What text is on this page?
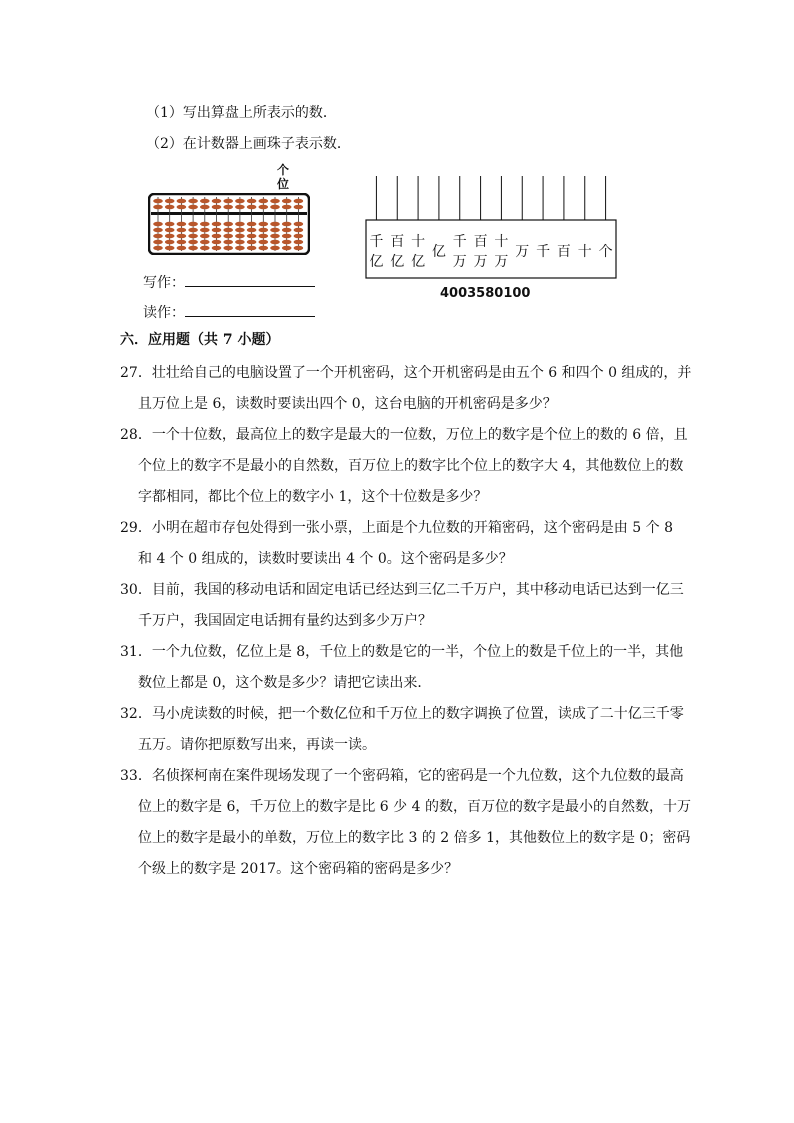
（1）写出算盘上所表示的数．
（2）在计数器上画珠子表示数．
个
位
写作：
读作：
千
亿
百
亿
十
亿
亿
千
万
百
万
十
万
万 千 百 十 个
4003580100
六．应用题（共 7 小题）
27．壮壮给自己的电脑设置了一个开机密码，这个开机密码是由五个 6 和四个 0 组成的，并
且万位上是 6，读数时要读出四个 0，这台电脑的开机密码是多少？
28．一个十位数，最高位上的数字是最大的一位数，万位上的数字是个位上的数的 6 倍，且
个位上的数字不是最小的自然数，百万位上的数字比个位上的数字大 4，其他数位上的数
字都相同，都比个位上的数字小 1，这个十位数是多少？
29．小明在超市存包处得到一张小票，上面是个九位数的开箱密码，这个密码是由 5 个 8
和 4 个 0 组成的，读数时要读出 4 个 0。这个密码是多少？
30．目前，我国的移动电话和固定电话已经达到三亿二千万户，其中移动电话已达到一亿三
千万户，我国固定电话拥有量约达到多少万户？
31．一个九位数，亿位上是 8，千位上的数是它的一半，个位上的数是千位上的一半，其他
数位上都是 0，这个数是多少？请把它读出来．
32．马小虎读数的时候，把一个数亿位和千万位上的数字调换了位置，读成了二十亿三千零
五万。请你把原数写出来，再读一读。
33．名侦探柯南在案件现场发现了一个密码箱，它的密码是一个九位数，这个九位数的最高
位上的数字是 6，千万位上的数字是比 6 少 4 的数，百万位的数字是最小的自然数，十万
位上的数字是最小的单数，万位上的数字比 3 的 2 倍多 1，其他数位上的数字是 0；密码
个级上的数字是 2017。这个密码箱的密码是多少？
